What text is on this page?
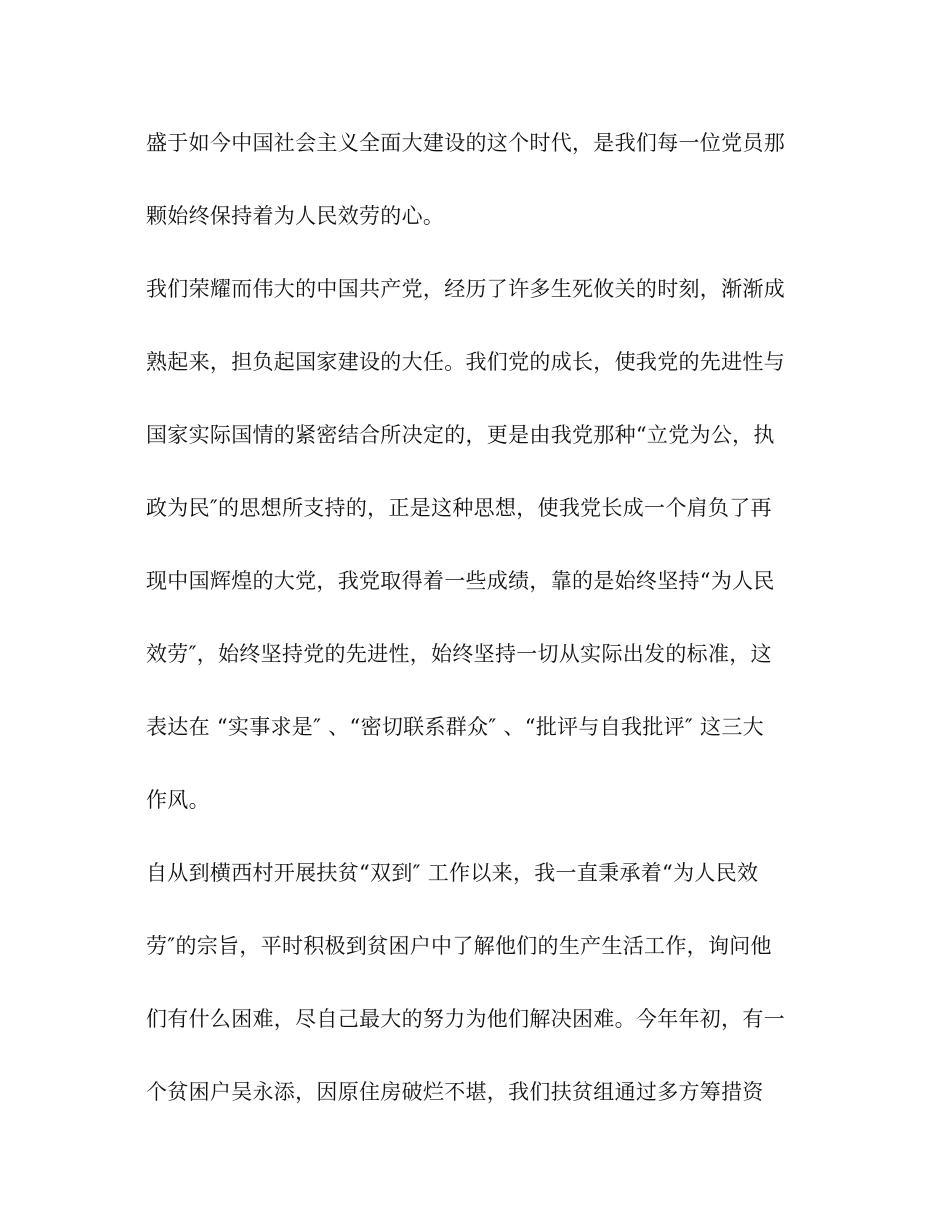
盛于如今中国社会主义全面大建设的这个时代，是我们每一位党员那
颗始终保持着为人民效劳的心。
我们荣耀而伟大的中国共产党，经历了许多生死攸关的时刻，渐渐成
熟起来，担负起国家建设的大任。我们党的成长，使我党的先进性与
国家实际国情的紧密结合所决定的，更是由我党那种“立党为公，执
政为民″的思想所支持的，正是这种思想，使我党长成一个肩负了再
现中国辉煌的大党，我党取得着一些成绩，靠的是始终坚持“为人民
效劳″，始终坚持党的先进性，始终坚持一切从实际出发的标准，这
表达在 “实事求是″ 、“密切联系群众″ 、“批评与自我批评″ 这三大
作风。
自从到横西村开展扶贫“双到″ 工作以来，我一直秉承着“为人民效
劳″的宗旨，平时积极到贫困户中了解他们的生产生活工作，询问他
们有什么困难，尽自己最大的努力为他们解决困难。今年年初，有一
个贫困户吴永添，因原住房破烂不堪，我们扶贫组通过多方筹措资
